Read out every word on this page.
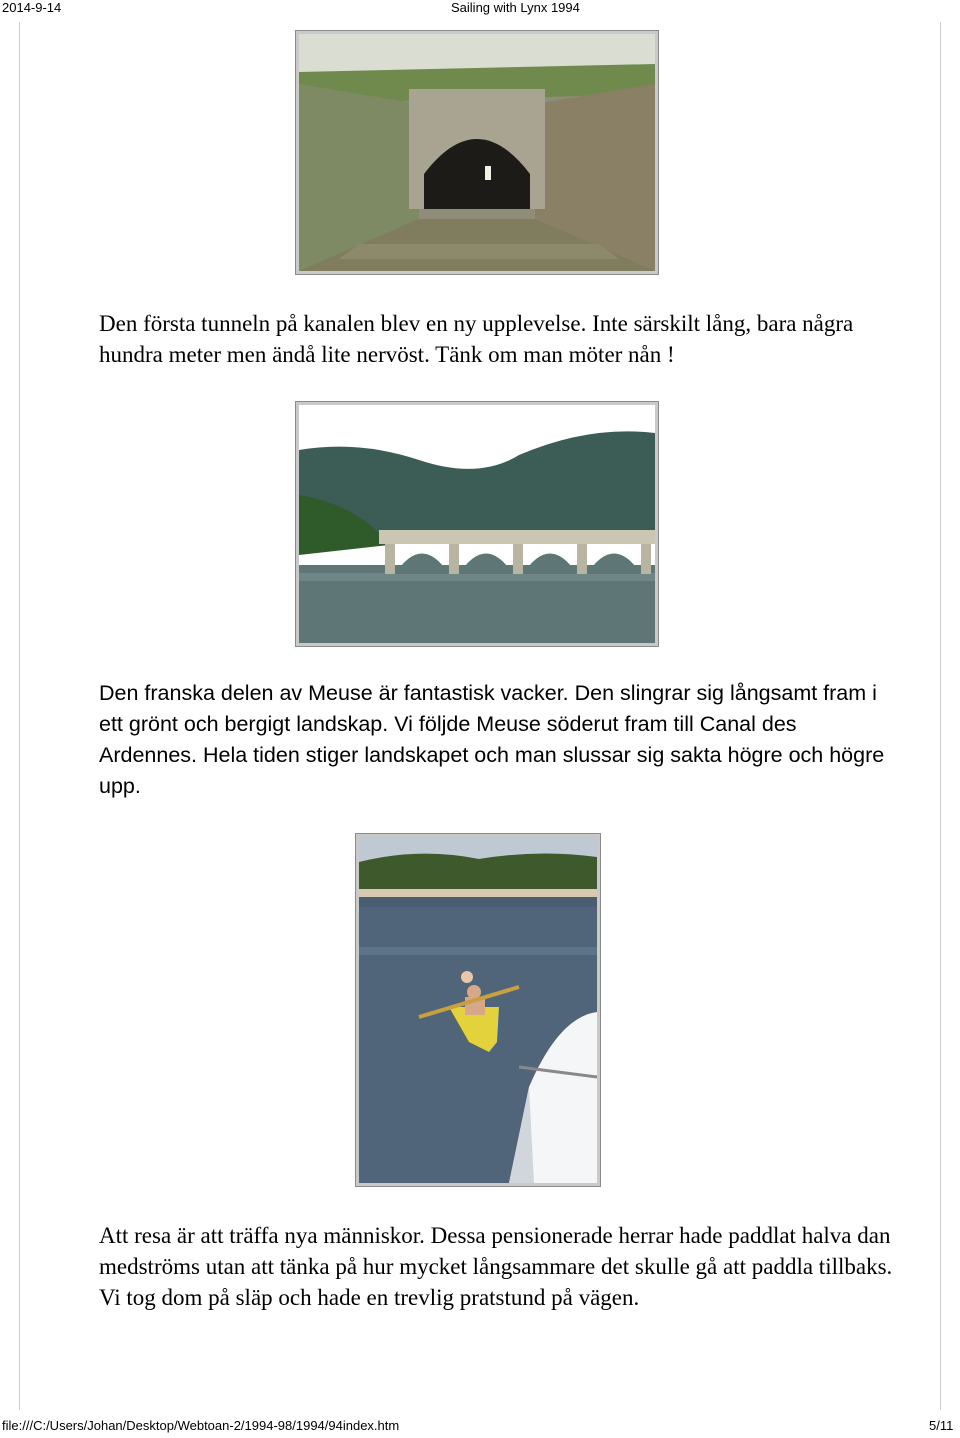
2014-9-14	Sailing with Lynx 1994

Den första tunneln på kanalen blev en ny upplevelse. Inte särskilt lång, bara några hundra meter men ändå lite nervöst. Tänk om man möter nån !

Den franska delen av Meuse är fantastisk vacker. Den slingrar sig långsamt fram i ett grönt och bergigt landskap. Vi följde Meuse söderut fram till Canal des Ardennes. Hela tiden stiger landskapet och man slussar sig sakta högre och högre upp.

Att resa är att träffa nya människor. Dessa pensionerade herrar hade paddlat halva dan medströms utan att tänka på hur mycket långsammare det skulle gå att paddla tillbaks. Vi tog dom på släp och hade en trevlig pratstund på vägen.

file:///C:/Users/Johan/Desktop/Webtoan-2/1994-98/1994/94index.htm	5/11
